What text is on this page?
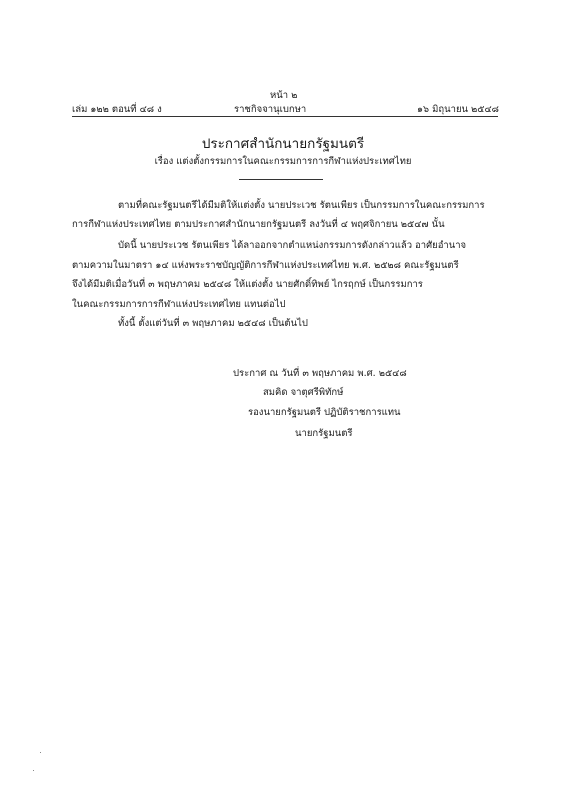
หน้า ๒
เล่ม ๑๒๒ ตอนที่ ๔๘ ง	ราชกิจจานุเบกษา	๑๖ มิถุนายน ๒๕๔๘
ประกาศสำนักนายกรัฐมนตรี
เรื่อง แต่งตั้งกรรมการในคณะกรรมการการกีฬาแห่งประเทศไทย
ตามที่คณะรัฐมนตรีได้มีมติให้แต่งตั้ง นายประเวช รัตนเพียร เป็นกรรมการในคณะกรรมการ
การกีฬาแห่งประเทศไทย ตามประกาศสำนักนายกรัฐมนตรี ลงวันที่ ๔ พฤศจิกายน ๒๕๔๗ นั้น
บัดนี้ นายประเวช รัตนเพียร ได้ลาออกจากตำแหน่งกรรมการดังกล่าวแล้ว อาศัยอำนาจ
ตามความในมาตรา ๑๔ แห่งพระราชบัญญัติการกีฬาแห่งประเทศไทย พ.ศ. ๒๕๒๘ คณะรัฐมนตรี
จึงได้มีมติเมื่อวันที่ ๓ พฤษภาคม ๒๕๔๘ ให้แต่งตั้ง นายศักดิ์ทิพย์ ไกรฤกษ์ เป็นกรรมการ
ในคณะกรรมการการกีฬาแห่งประเทศไทย แทนต่อไป
ทั้งนี้ ตั้งแต่วันที่ ๓ พฤษภาคม ๒๕๔๘ เป็นต้นไป
ประกาศ ณ วันที่ ๓ พฤษภาคม พ.ศ. ๒๕๔๘
สมคิด จาตุศรีพิทักษ์
รองนายกรัฐมนตรี ปฏิบัติราชการแทน
นายกรัฐมนตรี
